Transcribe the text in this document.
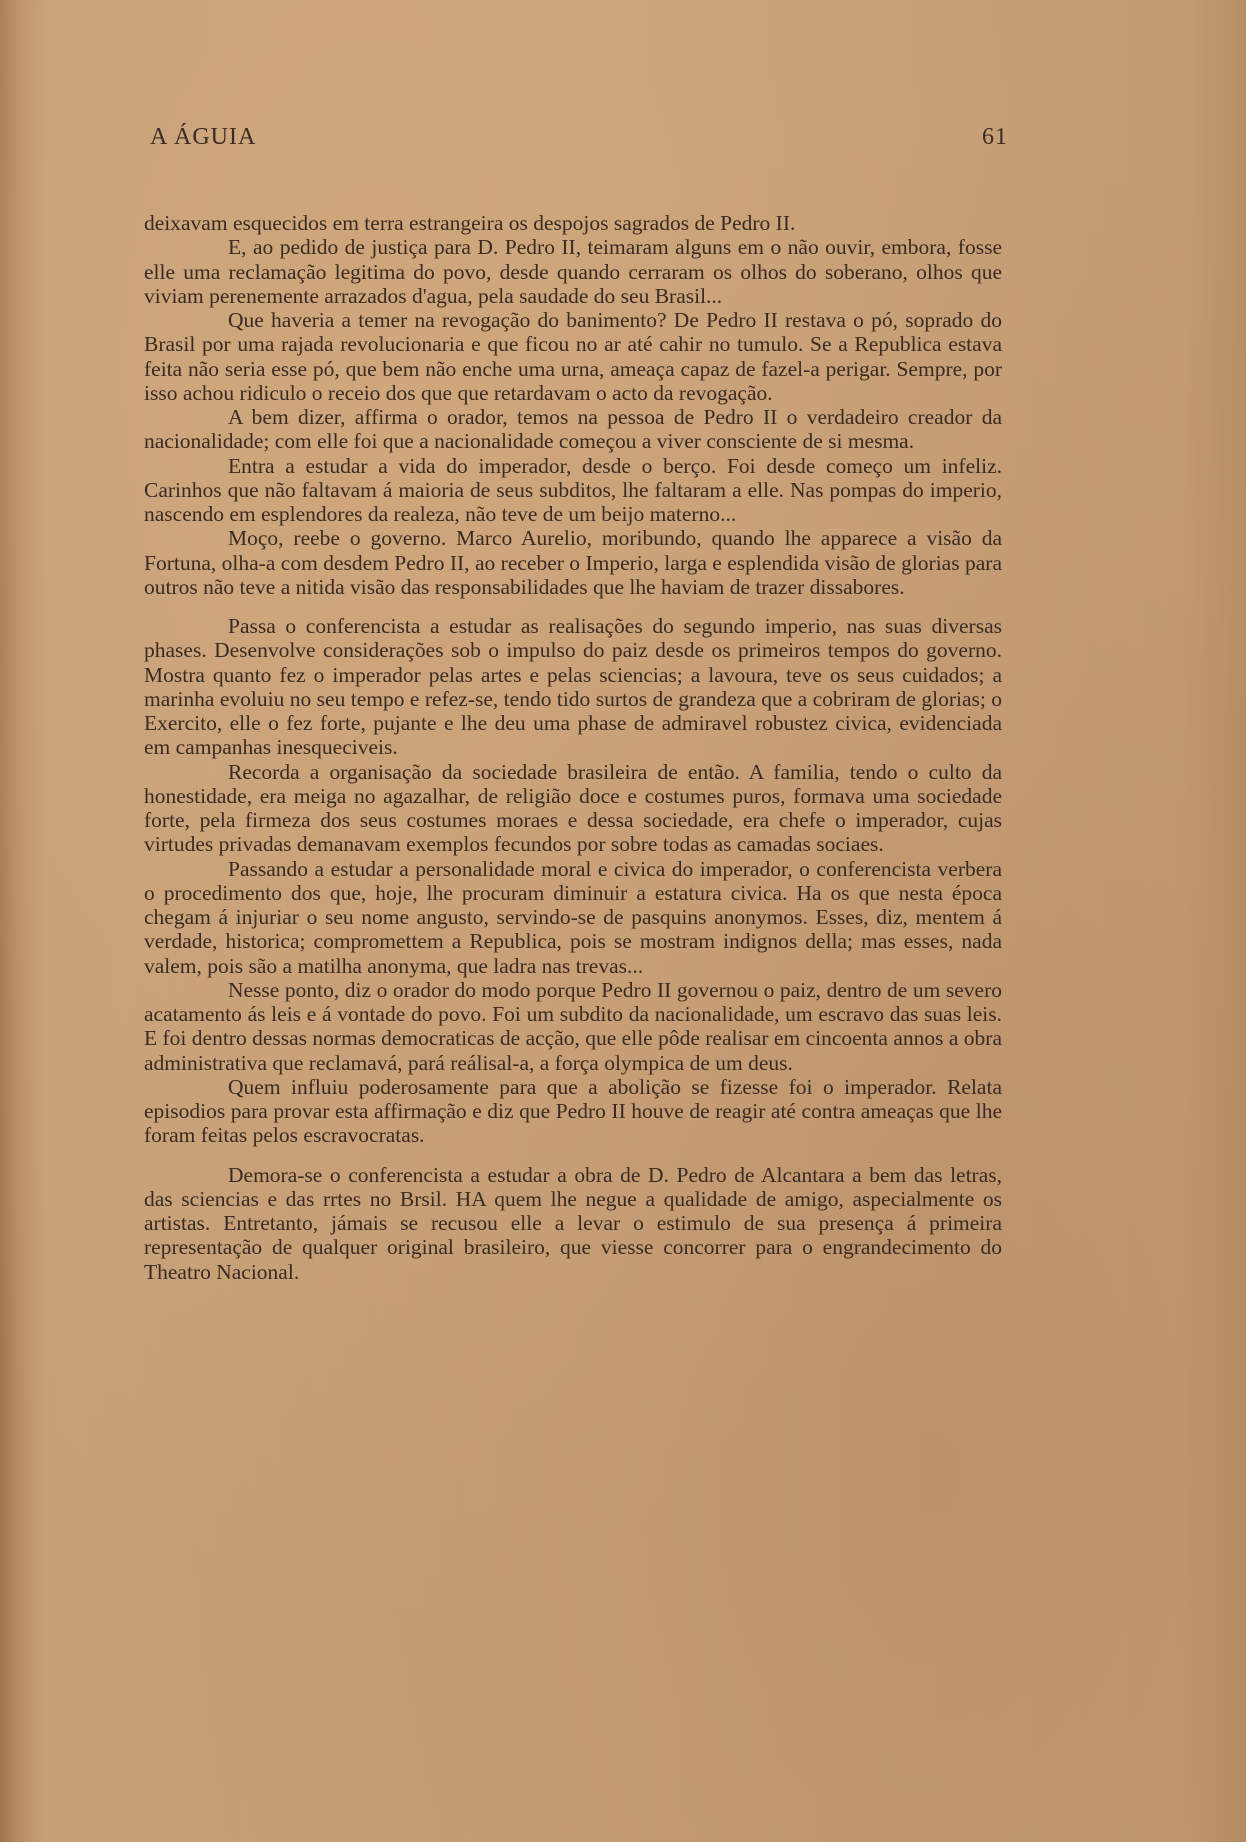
A ÁGUIA	61

deixavam esquecidos em terra estrangeira os despojos sagrados de Pedro II.

E, ao pedido de justiça para D. Pedro II, teimaram alguns em o não ouvir, embora, fosse elle uma reclamação legitima do povo, desde quando cerraram os olhos do soberano, olhos que viviam perenemente arrazados d'agua, pela saudade do seu Brasil...

Que haveria a temer na revogação do banimento? De Pedro II restava o pó, soprado do Brasil por uma rajada revolucionaria e que ficou no ar até cahir no tumulo. Se a Republica estava feita não seria esse pó, que bem não enche uma urna, ameaça capaz de fazel-a perigar. Sempre, por isso achou ridiculo o receio dos que que retardavam o acto da revogação.

A bem dizer, affirma o orador, temos na pessoa de Pedro II o verdadeiro creador da nacionalidade; com elle foi que a nacionalidade começou a viver consciente de si mesma.

Entra a estudar a vida do imperador, desde o berço. Foi desde começo um infeliz. Carinhos que não faltavam á maioria de seus subditos, lhe faltaram a elle. Nas pompas do imperio, nascendo em esplendores da realeza, não teve de um beijo materno...

Moço, reebe o governo. Marco Aurelio, moribundo, quando lhe apparece a visão da Fortuna, olha-a com desdem Pedro II, ao receber o Imperio, larga e esplendida visão de glorias para outros não teve a nitida visão das responsabilidades que lhe haviam de trazer dissabores.

Passa o conferencista a estudar as realisações do segundo imperio, nas suas diversas phases. Desenvolve considerações sob o impulso do paiz desde os primeiros tempos do governo. Mostra quanto fez o imperador pelas artes e pelas sciencias; a lavoura, teve os seus cuidados; a marinha evoluiu no seu tempo e refez-se, tendo tido surtos de grandeza que a cobriram de glorias; o Exercito, elle o fez forte, pujante e lhe deu uma phase de admiravel robustez civica, evidenciada em campanhas inesqueciveis.

Recorda a organisação da sociedade brasileira de então. A familia, tendo o culto da honestidade, era meiga no agazalhar, de religião doce e costumes puros, formava uma sociedade forte, pela firmeza dos seus costumes moraes e dessa sociedade, era chefe o imperador, cujas virtudes privadas demanavam exemplos fecundos por sobre todas as camadas sociaes.

Passando a estudar a personalidade moral e civica do imperador, o conferencista verbera o procedimento dos que, hoje, lhe procuram diminuir a estatura civica. Ha os que nesta época chegam á injuriar o seu nome angusto, servindo-se de pasquins anonymos. Esses, diz, mentem á verdade, historica; compromettem a Republica, pois se mostram indignos della; mas esses, nada valem, pois são a matilha anonyma, que ladra nas trevas...

Nesse ponto, diz o orador do modo porque Pedro II governou o paiz, dentro de um severo acatamento ás leis e á vontade do povo. Foi um subdito da nacionalidade, um escravo das suas leis. E foi dentro dessas normas democraticas de acção, que elle pôde realisar em cincoenta annos a obra administrativa que reclamavá, pará reálisal-a, a força olympica de um deus.

Quem influiu poderosamente para que a abolição se fizesse foi o imperador. Relata episodios para provar esta affirmação e diz que Pedro II houve de reagir até contra ameaças que lhe foram feitas pelos escravocratas.

Demora-se o conferencista a estudar a obra de D. Pedro de Alcantara a bem das letras, das sciencias e das rrtes no Brsil. HA quem lhe negue a qualidade de amigo, aspecialmente os artistas. Entretanto, jámais se recusou elle a levar o estimulo de sua presença á primeira representação de qualquer original brasileiro, que viesse concorrer para o engrandecimento do Theatro Nacional.
